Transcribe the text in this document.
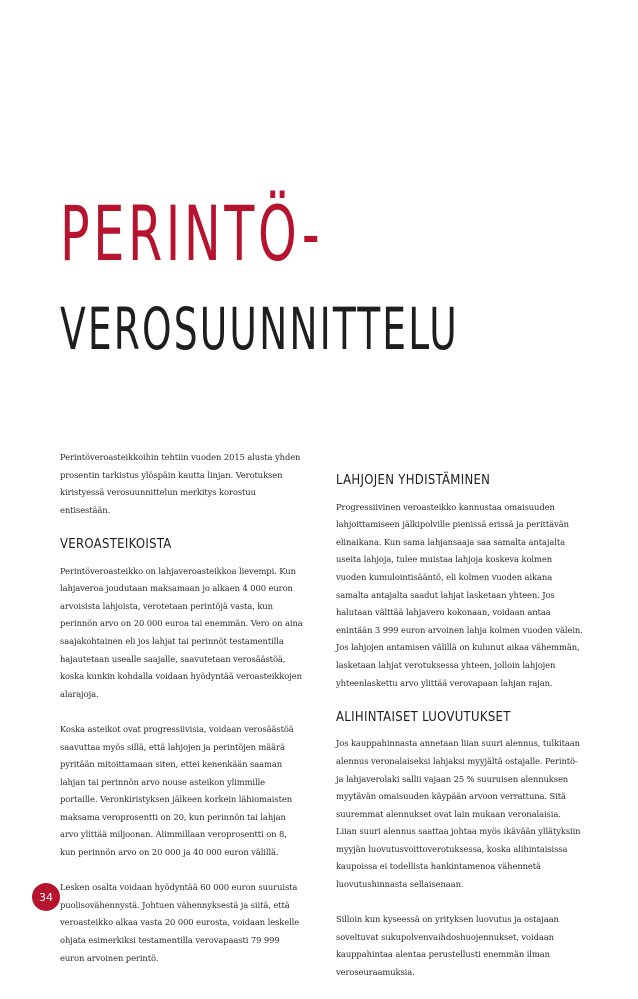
PERINTÖ-
VEROSUUNNITTELU

Perintöveroasteikkoihin tehtiin vuoden 2015 alusta yhden prosentin tarkistus ylöspäin kautta linjan. Verotuksen kiristyessä verosuunnittelun merkitys korostuu entisestään.

VEROASTEIKOISTA

Perintöveroasteikko on lahjaveroasteikkoa lievempi. Kun lahjaveroa joudutaan maksamaan jo alkaen 4 000 euron arvoisista lahjoista, verotetaan perintöjä vasta, kun perinnön arvo on 20 000 euroa tai enemmän. Vero on aina saajakohtainen eli jos lahjat tai perinnöt testamentilla hajautetaan usealle saajalle, saavutetaan verosäästöä, koska kunkin kohdalla voidaan hyödyntää veroasteikkojen alarajoja.

Koska asteikot ovat progressiivisia, voidaan verosäästöä saavuttaa myös sillä, että lahjojen ja perintöjen määrä pyritään mitoittamaan siten, ettei kenenkään saaman lahjan tai perinnön arvo nouse asteikon ylimmille portaille. Veronkiristyksen jälkeen korkein lähiomaisten maksama veroprosentti on 20, kun perinnön tai lahjan arvo ylittää miljoonan. Alimmillaan veroprosentti on 8, kun perinnön arvo on 20 000 ja 40 000 euron välillä.

Lesken osalta voidaan hyödyntää 60 000 euron suuruista puolisovähennystä. Johtuen vähennyksestä ja siitä, että veroasteikko alkaa vasta 20 000 eurosta, voidaan leskelle ohjata esimerkiksi testamentilla verovapaasti 79 999 euron arvoinen perintö.

LAHJOJEN YHDISTÄMINEN

Progressiivinen veroasteikko kannustaa omaisuuden lahjoittamiseen jälkipolville pienissä erissä ja perittävän elinaikana. Kun sama lahjansaaja saa samalta antajalta useita lahjoja, tulee muistaa lahjoja koskeva kolmen vuoden kumulointisääntö, eli kolmen vuoden aikana samalta antajalta saadut lahjat lasketaan yhteen. Jos halutaan välttää lahjavero kokonaan, voidaan antaa enintään 3 999 euron arvoinen lahja kolmen vuoden välein. Jos lahjojen antamisen välillä on kulunut aikaa vähemmän, lasketaan lahjat verotuksessa yhteen, jolloin lahjojen yhteenlaskettu arvo ylittää verovapaan lahjan rajan.

ALIHINTAISET LUOVUTUKSET

Jos kauppahinnasta annetaan liian suuri alennus, tulkitaan alennus veronalaiseksi lahjaksi myyjältä ostajalle. Perintö- ja lahjaverolaki sallii vajaan 25 % suuruisen alennuksen myytävän omaisuuden käypään arvoon verrattuna. Sitä suuremmat alennukset ovat lain mukaan veronalaisia. Liian suuri alennus saattaa johtaa myös ikävään yllätyksiin myyjän luovutusvoittoverotuksessa, koska alihintaisissa kaupoissa ei todellista hankintamenoa vähennetä luovutushinnasta sellaisenaan.

Silloin kun kyseessä on yrityksen luovutus ja ostajaan soveltuvat sukupolvenvaihdoshuojennukset, voidaan kauppahintaa alentaa perustellusti enemmän ilman veroseuraamuksia.

34
